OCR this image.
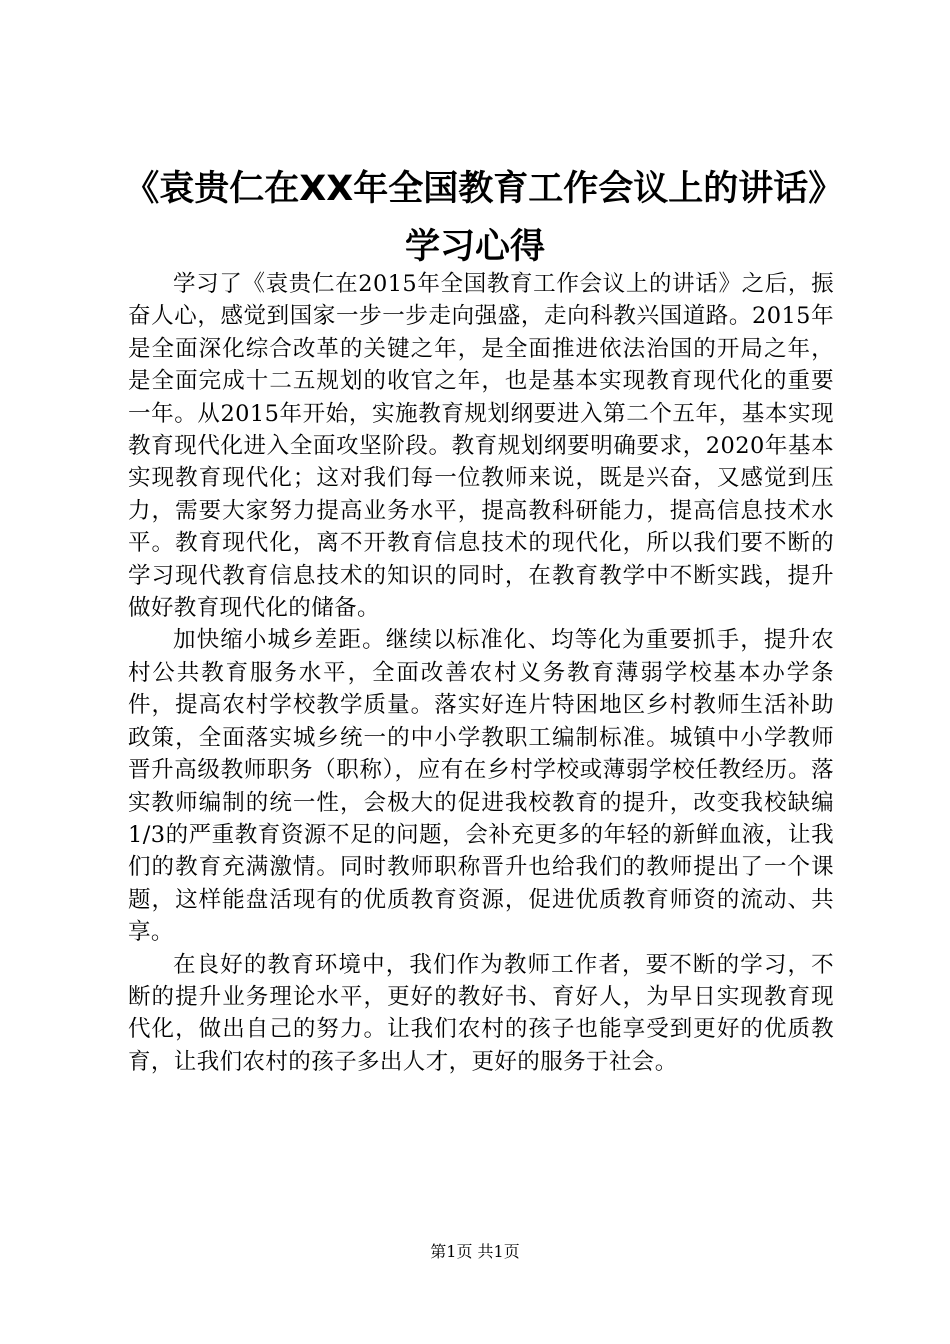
《袁贵仁在XX年全国教育工作会议上的讲话》学习心得

学习了《袁贵仁在2015年全国教育工作会议上的讲话》之后，振奋人心，感觉到国家一步一步走向强盛，走向科教兴国道路。2015年是全面深化综合改革的关键之年，是全面推进依法治国的开局之年，是全面完成十二五规划的收官之年，也是基本实现教育现代化的重要一年。从2015年开始，实施教育规划纲要进入第二个五年，基本实现教育现代化进入全面攻坚阶段。教育规划纲要明确要求，2020年基本实现教育现代化；这对我们每一位教师来说，既是兴奋，又感觉到压力，需要大家努力提高业务水平，提高教科研能力，提高信息技术水平。教育现代化，离不开教育信息技术的现代化，所以我们要不断的学习现代教育信息技术的知识的同时，在教育教学中不断实践，提升做好教育现代化的储备。

加快缩小城乡差距。继续以标准化、均等化为重要抓手，提升农村公共教育服务水平，全面改善农村义务教育薄弱学校基本办学条件，提高农村学校教学质量。落实好连片特困地区乡村教师生活补助政策，全面落实城乡统一的中小学教职工编制标准。城镇中小学教师晋升高级教师职务（职称），应有在乡村学校或薄弱学校任教经历。落实教师编制的统一性，会极大的促进我校教育的提升，改变我校缺编1/3的严重教育资源不足的问题，会补充更多的年轻的新鲜血液，让我们的教育充满激情。同时教师职称晋升也给我们的教师提出了一个课题，这样能盘活现有的优质教育资源，促进优质教育师资的流动、共享。

在良好的教育环境中，我们作为教师工作者，要不断的学习，不断的提升业务理论水平，更好的教好书、育好人，为早日实现教育现代化，做出自己的努力。让我们农村的孩子也能享受到更好的优质教育，让我们农村的孩子多出人才，更好的服务于社会。

第1页 共1页
